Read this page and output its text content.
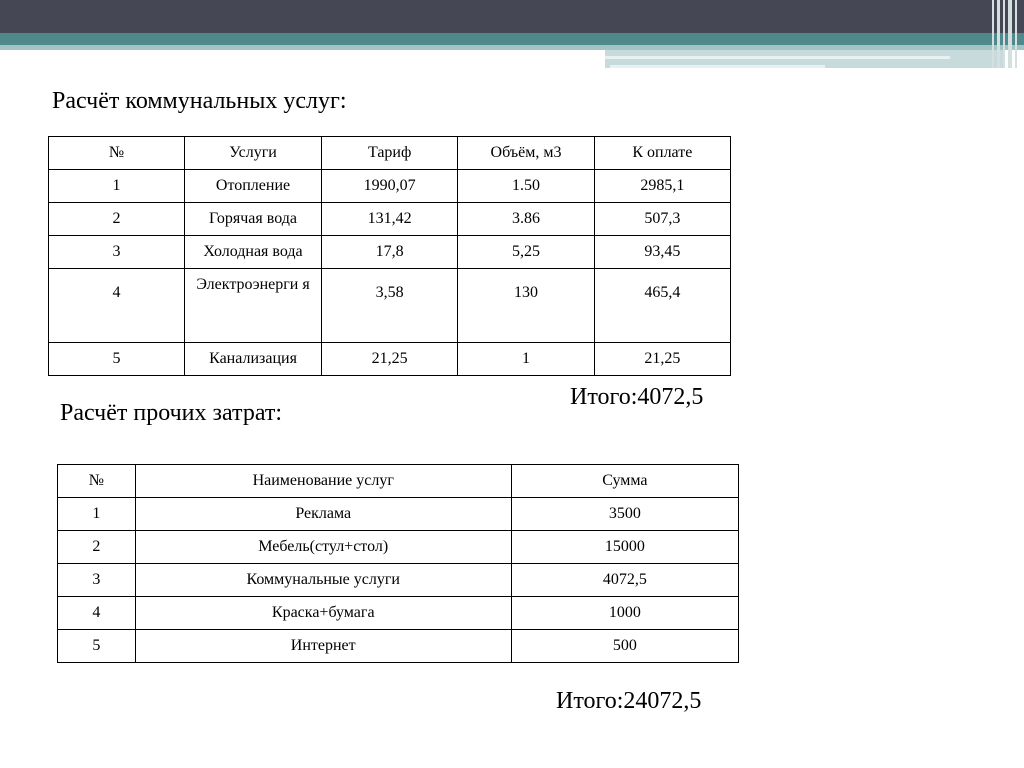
Расчёт коммунальных услуг:
№	Услуги	Тариф	Объём, м3	К оплате
1	Отопление	1990,07	1.50	2985,1
2	Горячая вода	131,42	3.86	507,3
3	Холодная вода	17,8	5,25	93,45
4	Электроэнерги я	3,58	130	465,4
5	Канализация	21,25	1	21,25
Итого:4072,5
Расчёт прочих затрат:
№	Наименование услуг	Сумма
1	Реклама	3500
2	Мебель(стул+стол)	15000
3	Коммунальные услуги	4072,5
4	Краска+бумага	1000
5	Интернет	500
Итого:24072,5
